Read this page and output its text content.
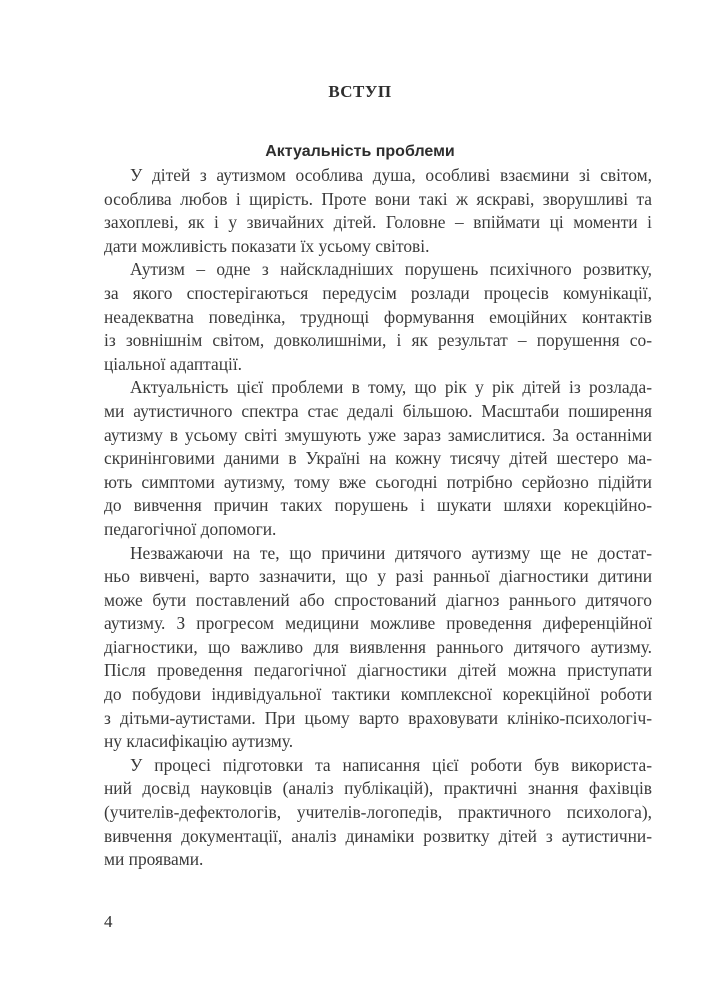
ВСТУП
Актуальність проблеми

У дітей з аутизмом особлива душа, особливі взаємини зі світом,
особлива любов і щирість. Проте вони такі ж яскраві, зворушливі та
захоплеві, як і у звичайних дітей. Головне – впіймати ці моменти і
дати можливість показати їх усьому світові.

Аутизм – одне з найскладніших порушень психічного розвитку,
за якого спостерігаються передусім розлади процесів комунікації,
неадекватна поведінка, труднощі формування емоційних контактів
із зовнішнім світом, довколишніми, і як результат – порушення со-
ціальної адаптації.

Актуальність цієї проблеми в тому, що рік у рік дітей із розлада-
ми аутистичного спектра стає дедалі більшою. Масштаби поширення
аутизму в усьому світі змушують уже зараз замислитися. За останніми
скринінговими даними в Україні на кожну тисячу дітей шестеро ма-
ють симптоми аутизму, тому вже сьогодні потрібно серйозно підійти
до вивчення причин таких порушень і шукати шляхи корекційно-
педагогічної допомоги.

Незважаючи на те, що причини дитячого аутизму ще не достат-
ньо вивчені, варто зазначити, що у разі ранньої діагностики дитини
може бути поставлений або спростований діагноз раннього дитячого
аутизму. З прогресом медицини можливе проведення диференційної
діагностики, що важливо для виявлення раннього дитячого аутизму.
Після проведення педагогічної діагностики дітей можна приступати
до побудови індивідуальної тактики комплексної корекційної роботи
з дітьми-аутистами. При цьому варто враховувати клініко-психологіч-
ну класифікацію аутизму.

У процесі підготовки та написання цієї роботи був використа-
ний досвід науковців (аналіз публікацій), практичні знання фахівців
(учителів-дефектологів, учителів-логопедів, практичного психолога),
вивчення документації, аналіз динаміки розвитку дітей з аутистични-
ми проявами.

4
